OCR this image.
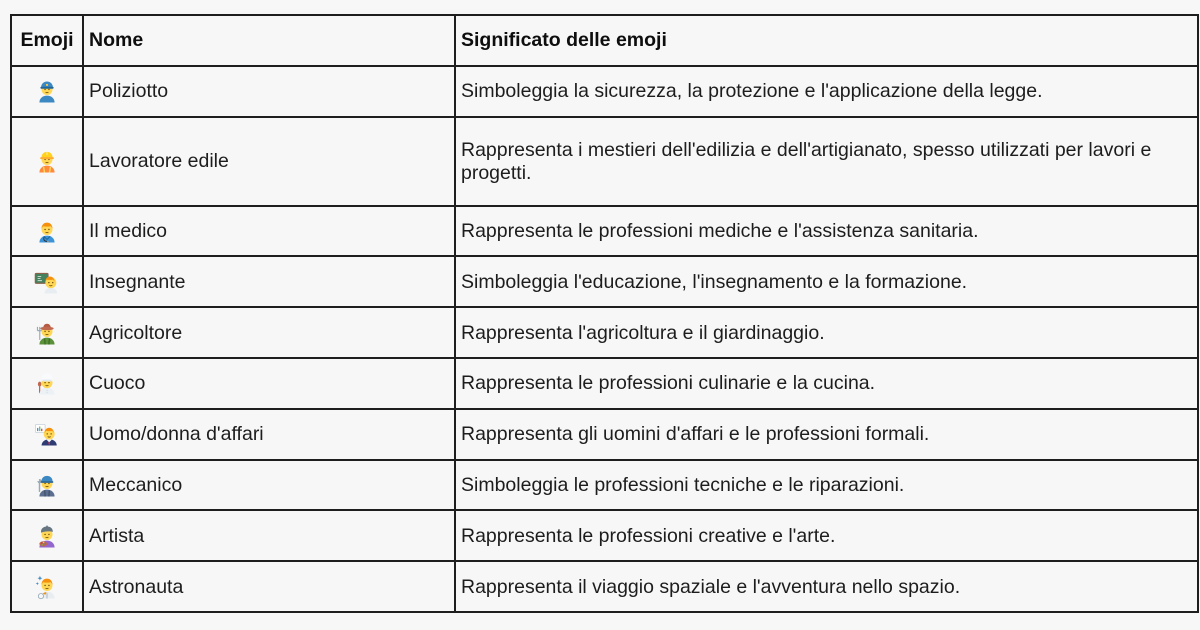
Emoji	Nome	Significato delle emoji
	Poliziotto	Simboleggia la sicurezza, la protezione e l'applicazione della legge.
	Lavoratore edile	Rappresenta i mestieri dell'edilizia e dell'artigianato, spesso utilizzati per lavori e progetti.
	Il medico	Rappresenta le professioni mediche e l'assistenza sanitaria.
	Insegnante	Simboleggia l'educazione, l'insegnamento e la formazione.
	Agricoltore	Rappresenta l'agricoltura e il giardinaggio.
	Cuoco	Rappresenta le professioni culinarie e la cucina.
	Uomo/donna d'affari	Rappresenta gli uomini d'affari e le professioni formali.
	Meccanico	Simboleggia le professioni tecniche e le riparazioni.
	Artista	Rappresenta le professioni creative e l'arte.
	Astronauta	Rappresenta il viaggio spaziale e l'avventura nello spazio.
